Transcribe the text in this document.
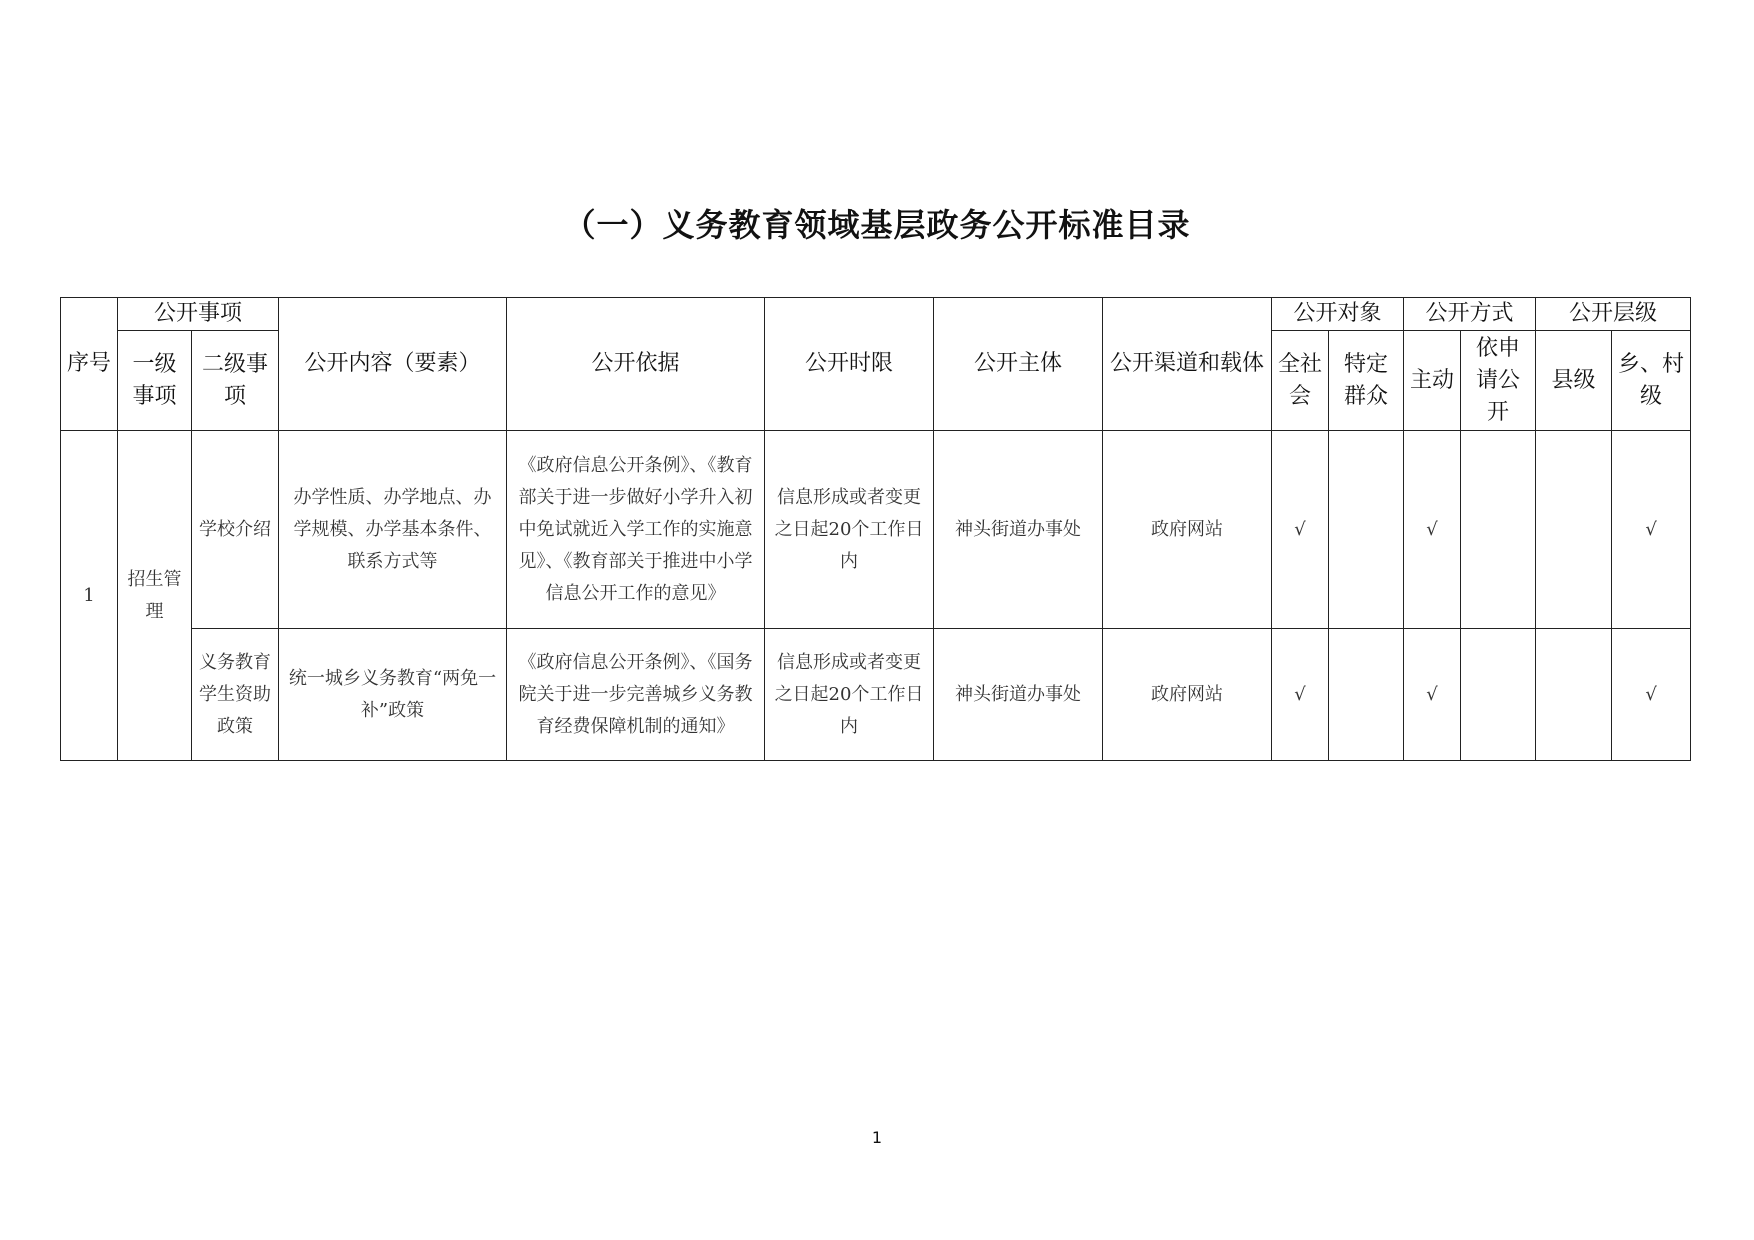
（一）义务教育领域基层政务公开标准目录
序号	公开事项		公开内容（要素）	公开依据	公开时限	公开主体	公开渠道和载体	公开对象		公开方式		公开层级	
	一级事项	二级事项						全社会	特定群众	主动	依申请公开	县级	乡、村级
1	招生管理	学校介绍	办学性质、办学地点、办学规模、办学基本条件、联系方式等	《政府信息公开条例》、《教育部关于进一步做好小学升入初中免试就近入学工作的实施意见》、《教育部关于推进中小学信息公开工作的意见》	信息形成或者变更之日起20个工作日内	神头街道办事处	政府网站	√		√			√
		义务教育学生资助政策	统一城乡义务教育“两免一补”政策	《政府信息公开条例》、《国务院关于进一步完善城乡义务教育经费保障机制的通知》	信息形成或者变更之日起20个工作日内	神头街道办事处	政府网站	√		√			√
1
